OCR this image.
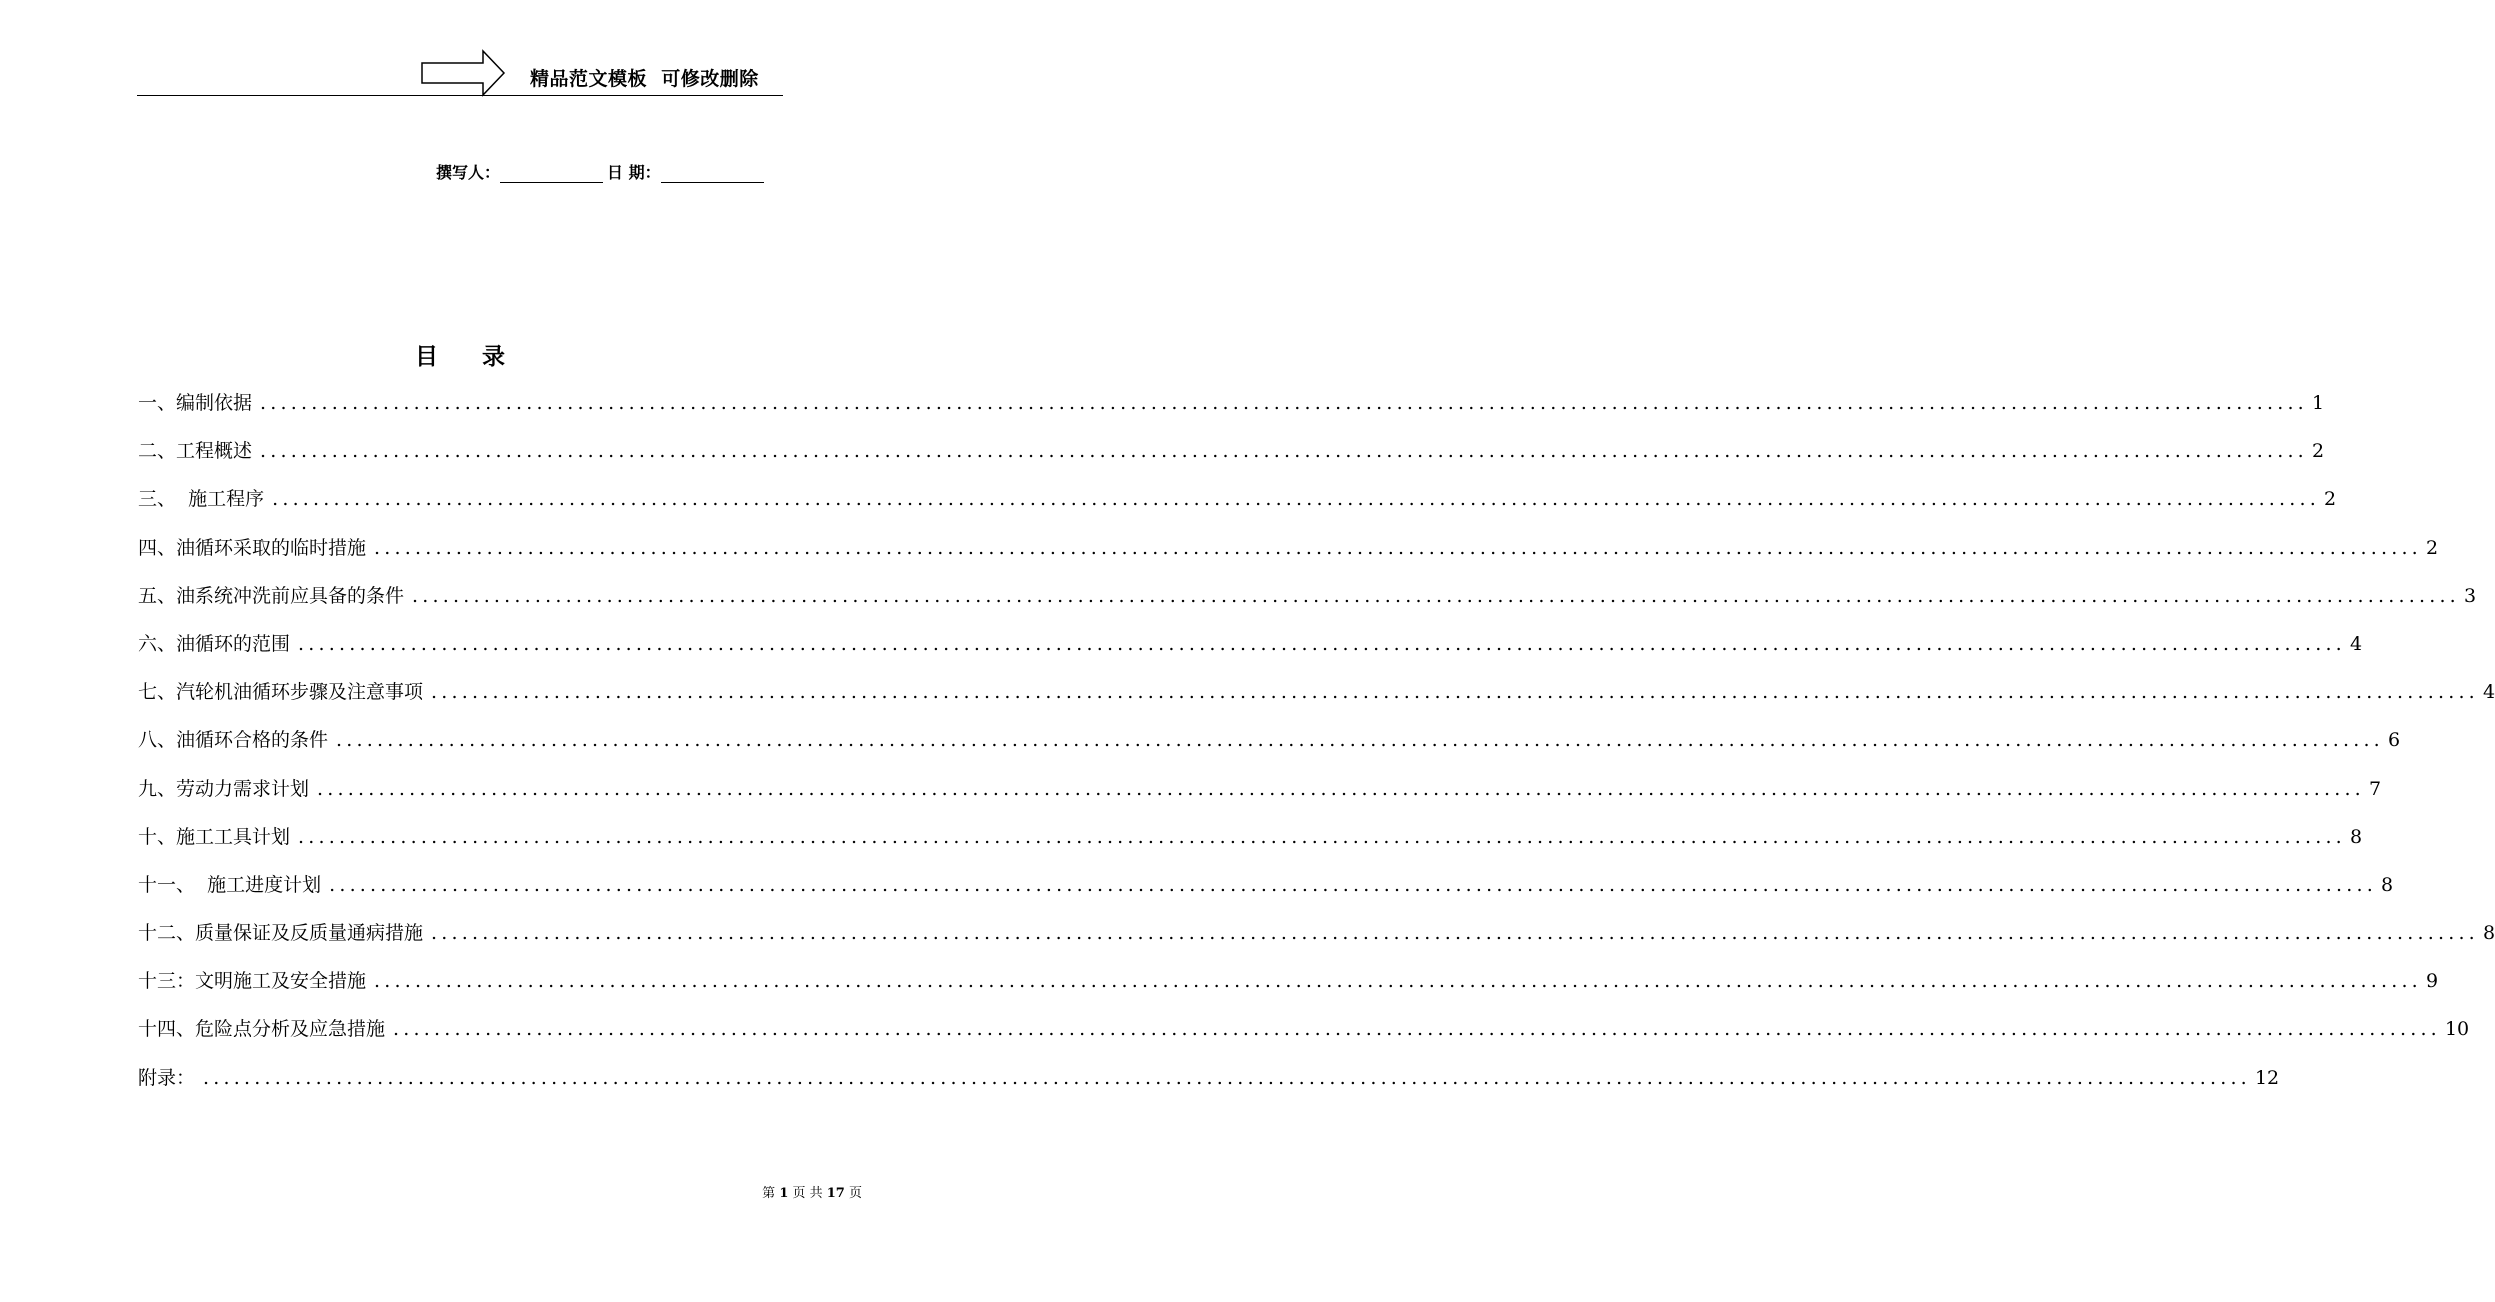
精品范文模板  可修改删除
撰写人：	日 期：
目录
一、编制依据 ........................................................................................................................................................................................................ 1
二、工程概述 ........................................................................................................................................................................................................ 2
三、  施工程序 ........................................................................................................................................................................................................ 2
四、油循环采取的临时措施 ........................................................................................................................................................................................................ 2
五、油系统冲洗前应具备的条件 ........................................................................................................................................................................................................ 3
六、油循环的范围 ........................................................................................................................................................................................................ 4
七、汽轮机油循环步骤及注意事项 ........................................................................................................................................................................................................ 4
八、油循环合格的条件 ........................................................................................................................................................................................................ 6
九、劳动力需求计划 ........................................................................................................................................................................................................ 7
十、施工工具计划 ........................................................................................................................................................................................................ 8
十一、  施工进度计划 ........................................................................................................................................................................................................ 8
十二、质量保证及反质量通病措施 ........................................................................................................................................................................................................ 8
十三：文明施工及安全措施 ........................................................................................................................................................................................................ 9
十四、危险点分析及应急措施 ........................................................................................................................................................................................................ 10
附录： ........................................................................................................................................................................................................ 12
第 1 页 共 17 页
